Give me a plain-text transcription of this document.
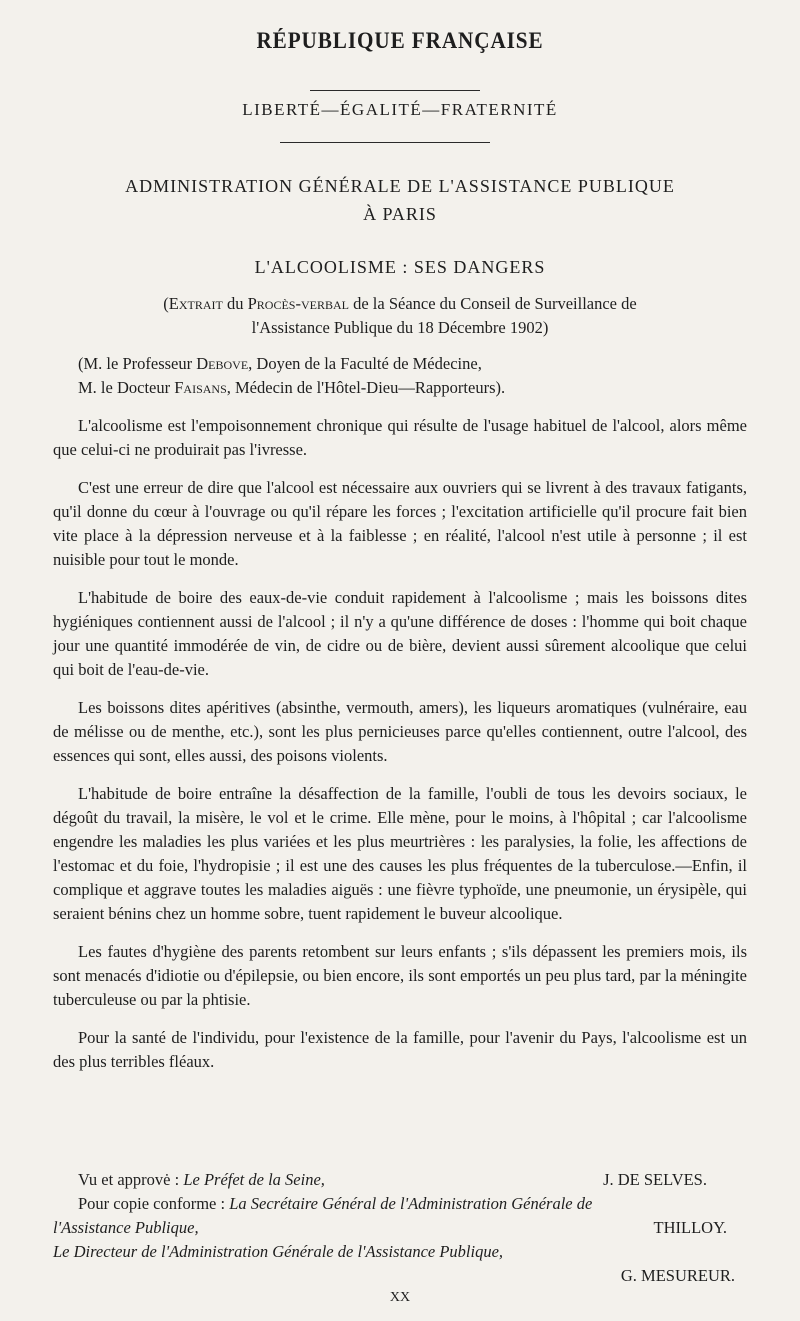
RÉPUBLIQUE FRANÇAISE
LIBERTÉ—ÉGALITÉ—FRATERNITÉ
ADMINISTRATION GÉNÉRALE DE L'ASSISTANCE PUBLIQUE
À PARIS
L'ALCOOLISME : SES DANGERS
(Extrait du Procès-verbal de la Séance du Conseil de Surveillance de
l'Assistance Publique du 18 Décembre 1902)
(M. le Professeur Debove, Doyen de la Faculté de Médecine,
M. le Docteur Faisans, Médecin de l'Hôtel-Dieu—Rapporteurs).

L'alcoolisme est l'empoisonnement chronique qui résulte de l'usage habituel de l'alcool, alors même que celui-ci ne produirait pas l'ivresse.

C'est une erreur de dire que l'alcool est nécessaire aux ouvriers qui se livrent à des travaux fatigants, qu'il donne du cœur à l'ouvrage ou qu'il répare les forces ; l'excitation artificielle qu'il procure fait bien vite place à la dépression nerveuse et à la faiblesse ; en réalité, l'alcool n'est utile à personne ; il est nuisible pour tout le monde.

L'habitude de boire des eaux-de-vie conduit rapidement à l'alcoolisme ; mais les boissons dites hygiéniques contiennent aussi de l'alcool ; il n'y a qu'une différence de doses : l'homme qui boit chaque jour une quantité immodérée de vin, de cidre ou de bière, devient aussi sûrement alcoolique que celui qui boit de l'eau-de-vie.

Les boissons dites apéritives (absinthe, vermouth, amers), les liqueurs aromatiques (vulnéraire, eau de mélisse ou de menthe, etc.), sont les plus pernicieuses parce qu'elles contiennent, outre l'alcool, des essences qui sont, elles aussi, des poisons violents.

L'habitude de boire entraîne la désaffection de la famille, l'oubli de tous les devoirs sociaux, le dégoût du travail, la misère, le vol et le crime. Elle mène, pour le moins, à l'hôpital ; car l'alcoolisme engendre les maladies les plus variées et les plus meurtrières : les paralysies, la folie, les affections de l'estomac et du foie, l'hydropisie ; il est une des causes les plus fréquentes de la tuberculose.—Enfin, il complique et aggrave toutes les maladies aiguës : une fièvre typhoïde, une pneumonie, un érysipèle, qui seraient bénins chez un homme sobre, tuent rapidement le buveur alcoolique.

Les fautes d'hygiène des parents retombent sur leurs enfants ; s'ils dépassent les premiers mois, ils sont menacés d'idiotie ou d'épilepsie, ou bien encore, ils sont emportés un peu plus tard, par la méningite tuberculeuse ou par la phtisie.

Pour la santé de l'individu, pour l'existence de la famille, pour l'avenir du Pays, l'alcoolisme est un des plus terribles fléaux.

Vu et approvė : Le Préfet de la Seine,	J. DE SELVES.
Pour copie conforme : La Secrétaire Général de l'Administration Générale de
l'Assistance Publique,	THILLOY.
Le Directeur de l'Administration Générale de l'Assistance Publique,
G. MESUREUR.
XX
